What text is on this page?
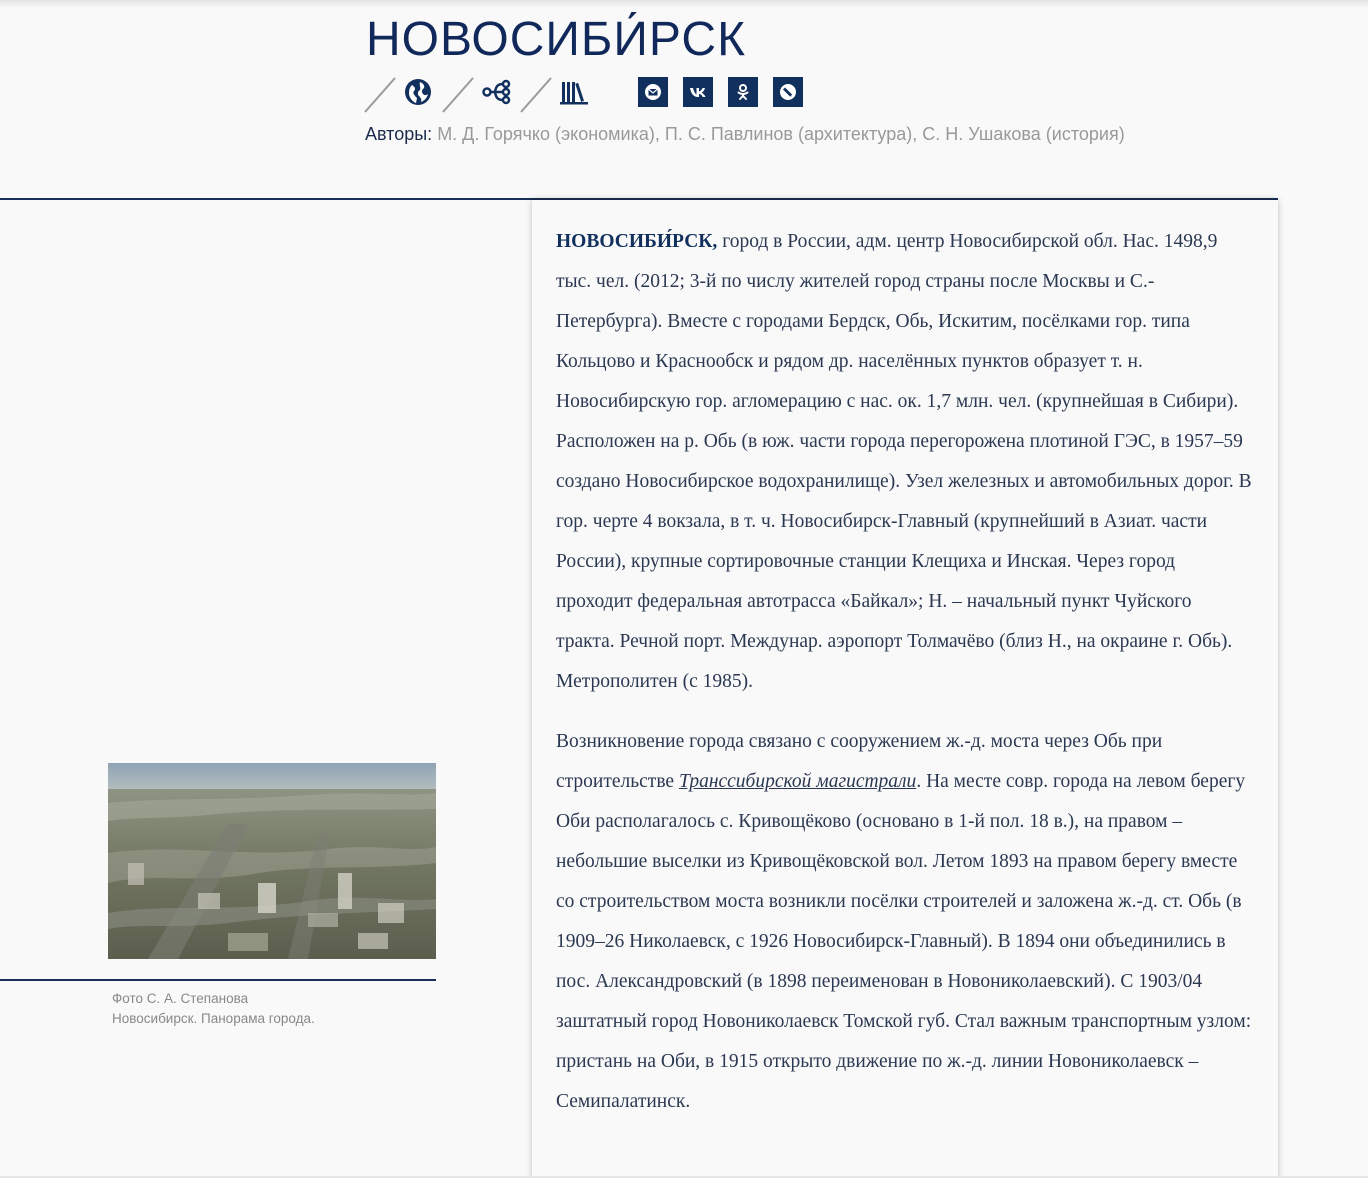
НОВОСИБИ́РСК
Авторы: М. Д. Горячко (экономика), П. С. Павлинов (архитектура), С. Н. Ушакова (история)
Фото С. А. Степанова
Новосибирск. Панорама города.

НОВОСИБИ́РСК, город в России, адм. центр Новосибирской обл. Нас. 1498,9 тыс. чел. (2012; 3-й по числу жителей город страны после Москвы и С.-Петербурга). Вместе с городами Бердск, Обь, Искитим, посёлками гор. типа Кольцово и Краснообск и рядом др. населённых пунктов образует т. н. Новосибирскую гор. агломерацию с нас. ок. 1,7 млн. чел. (крупнейшая в Сибири). Расположен на р. Обь (в юж. части города перегорожена плотиной ГЭС, в 1957–59 создано Новосибирское водохранилище). Узел железных и автомобильных дорог. В гор. черте 4 вокзала, в т. ч. Новосибирск-Главный (крупнейший в Азиат. части России), крупные сортировочные станции Клещиха и Инская. Через город проходит федеральная автотрасса «Байкал»; Н. – начальный пункт Чуйского тракта. Речной порт. Междунар. аэропорт Толмачёво (близ Н., на окраине г. Обь). Метрополитен (с 1985).

Возникновение города связано с сооружением ж.-д. моста через Обь при строительстве Транссибирской магистрали. На месте совр. города на левом берегу Оби располагалось с. Кривощёково (основано в 1-й пол. 18 в.), на правом – небольшие выселки из Кривощёковской вол. Летом 1893 на правом берегу вместе со строительством моста возникли посёлки строителей и заложена ж.-д. ст. Обь (в 1909–26 Николаевск, с 1926 Новосибирск-Главный). В 1894 они объединились в пос. Александровский (в 1898 переименован в Новониколаевский). С 1903/04 заштатный город Новониколаевск Томской губ. Стал важным транспортным узлом: пристань на Оби, в 1915 открыто движение по ж.-д. линии Новониколаевск – Семипалатинск.
